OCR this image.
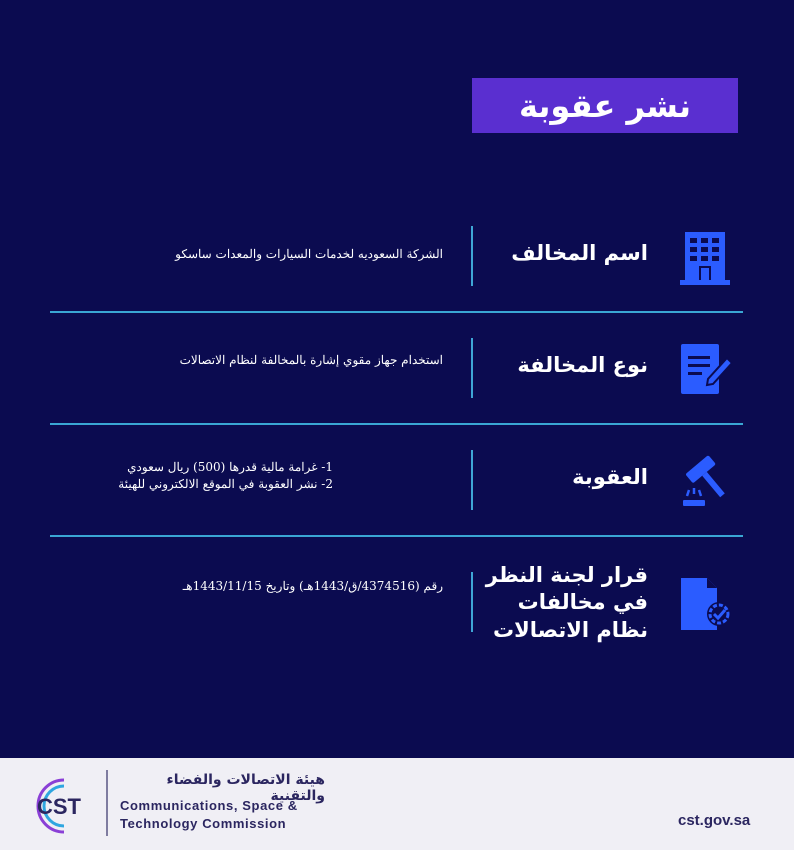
نشر عقوبة
اسم المخالف
الشركة السعوديه لخدمات السيارات والمعدات ساسكو
نوع المخالفة
استخدام جهاز مقوي إشارة بالمخالفة لنظام الاتصالات
العقوبة
1- غرامة مالية قدرها (500) ريال سعودي
2- نشر العقوبة في الموقع الالكتروني للهيئة
قرار لجنة النظر
في مخالفات
نظام الاتصالات
رقم (4374516/ق/1443هـ) وتاريخ 1443/11/15هـ
CST
هيئة الاتصالات والفضاء والتقنية
Communications, Space &
Technology Commission	cst.gov.sa
